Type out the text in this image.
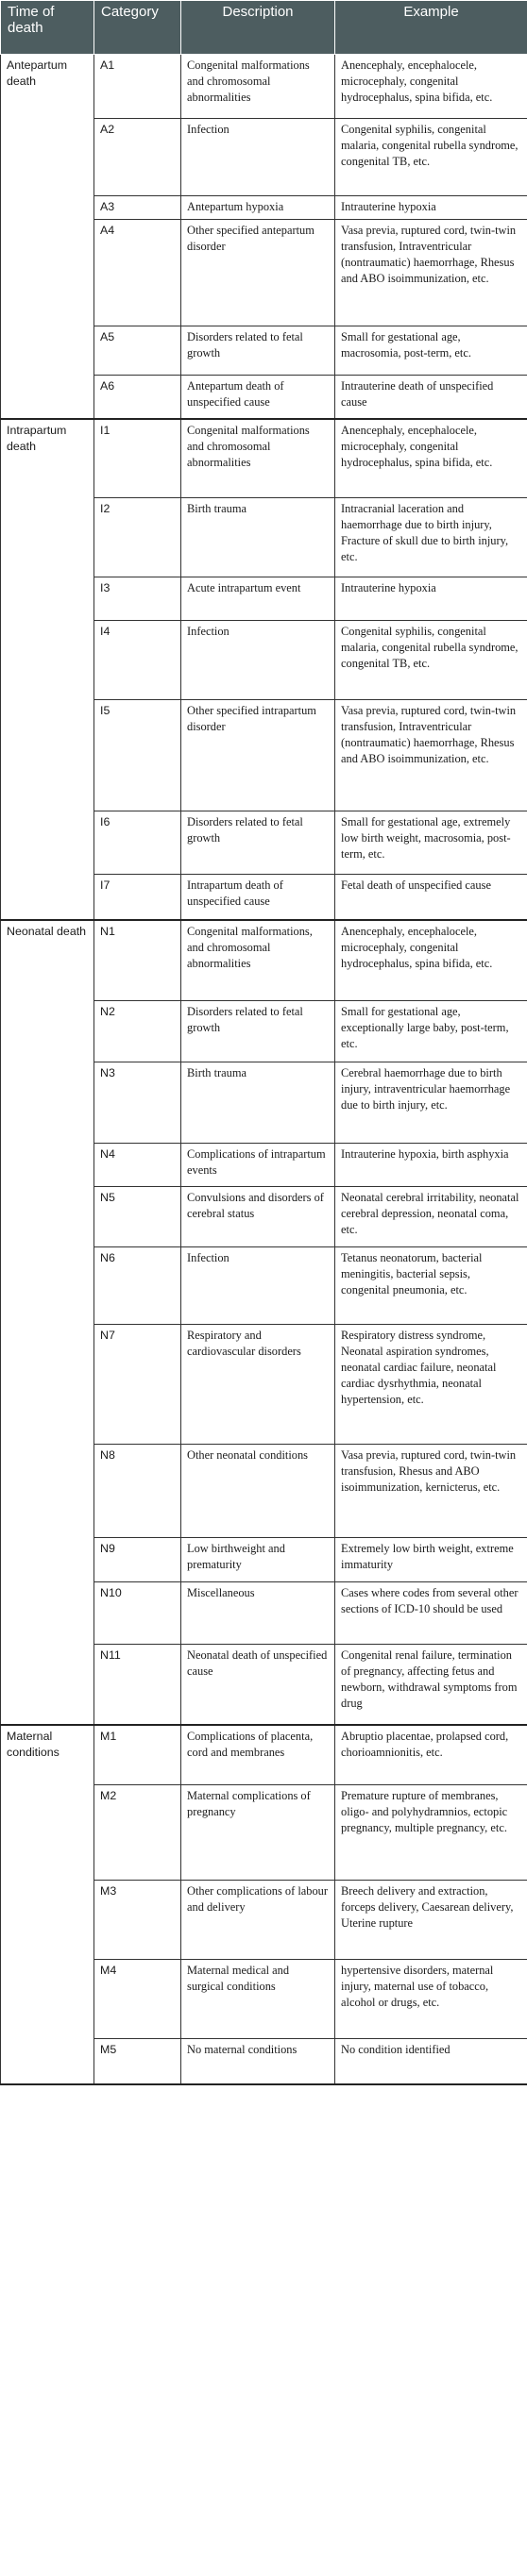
Time of death	Category	Description	Example
Antepartum death	A1	Congenital malformations and chromosomal abnormalities	Anencephaly, encephalocele, microcephaly, congenital hydrocephalus, spina bifida, etc.
	A2	Infection	Congenital syphilis, congenital malaria, congenital rubella syndrome, congenital TB, etc.
	A3	Antepartum hypoxia	Intrauterine hypoxia
	A4	Other specified antepartum disorder	Vasa previa, ruptured cord, twin-twin transfusion, Intraventricular (nontraumatic) haemorrhage, Rhesus and ABO isoimmunization, etc.
	A5	Disorders related to fetal growth	Small for gestational age, macrosomia, post-term, etc.
	A6	Antepartum death of unspecified cause	Intrauterine death of unspecified cause
Intrapartum death	I1	Congenital malformations and chromosomal abnormalities	Anencephaly, encephalocele, microcephaly, congenital hydrocephalus, spina bifida, etc.
	I2	Birth trauma	Intracranial laceration and haemorrhage due to birth injury, Fracture of skull due to birth injury, etc.
	I3	Acute intrapartum event	Intrauterine hypoxia
	I4	Infection	Congenital syphilis, congenital malaria, congenital rubella syndrome, congenital TB, etc.
	I5	Other specified intrapartum disorder	Vasa previa, ruptured cord, twin-twin transfusion, Intraventricular (nontraumatic) haemorrhage, Rhesus and ABO isoimmunization, etc.
	I6	Disorders related to fetal growth	Small for gestational age, extremely low birth weight, macrosomia, post-term, etc.
	I7	Intrapartum death of unspecified cause	Fetal death of unspecified cause
Neonatal death	N1	Congenital malformations, and chromosomal abnormalities	Anencephaly, encephalocele, microcephaly, congenital hydrocephalus, spina bifida, etc.
	N2	Disorders related to fetal growth	Small for gestational age, exceptionally large baby, post-term, etc.
	N3	Birth trauma	Cerebral haemorrhage due to birth injury, intraventricular haemorrhage due to birth injury, etc.
	N4	Complications of intrapartum events	Intrauterine hypoxia, birth asphyxia
	N5	Convulsions and disorders of cerebral status	Neonatal cerebral irritability, neonatal cerebral depression, neonatal coma, etc.
	N6	Infection	Tetanus neonatorum, bacterial meningitis, bacterial sepsis, congenital pneumonia, etc.
	N7	Respiratory and cardiovascular disorders	Respiratory distress syndrome, Neonatal aspiration syndromes, neonatal cardiac failure, neonatal cardiac dysrhythmia, neonatal hypertension, etc.
	N8	Other neonatal conditions	Vasa previa, ruptured cord, twin-twin transfusion, Rhesus and ABO isoimmunization, kernicterus, etc.
	N9	Low birthweight and prematurity	Extremely low birth weight, extreme immaturity
	N10	Miscellaneous	Cases where codes from several other sections of ICD-10 should be used
	N11	Neonatal death of unspecified cause	Congenital renal failure, termination of pregnancy, affecting fetus and newborn, withdrawal symptoms from drug
Maternal conditions	M1	Complications of placenta, cord and membranes	Abruptio placentae, prolapsed cord, chorioamnionitis, etc.
	M2	Maternal complications of pregnancy	Premature rupture of membranes, oligo- and polyhydramnios, ectopic pregnancy, multiple pregnancy, etc.
	M3	Other complications of labour and delivery	Breech delivery and extraction, forceps delivery, Caesarean delivery, Uterine rupture
	M4	Maternal medical and surgical conditions	hypertensive disorders, maternal injury, maternal use of tobacco, alcohol or drugs, etc.
	M5	No maternal conditions	No condition identified
